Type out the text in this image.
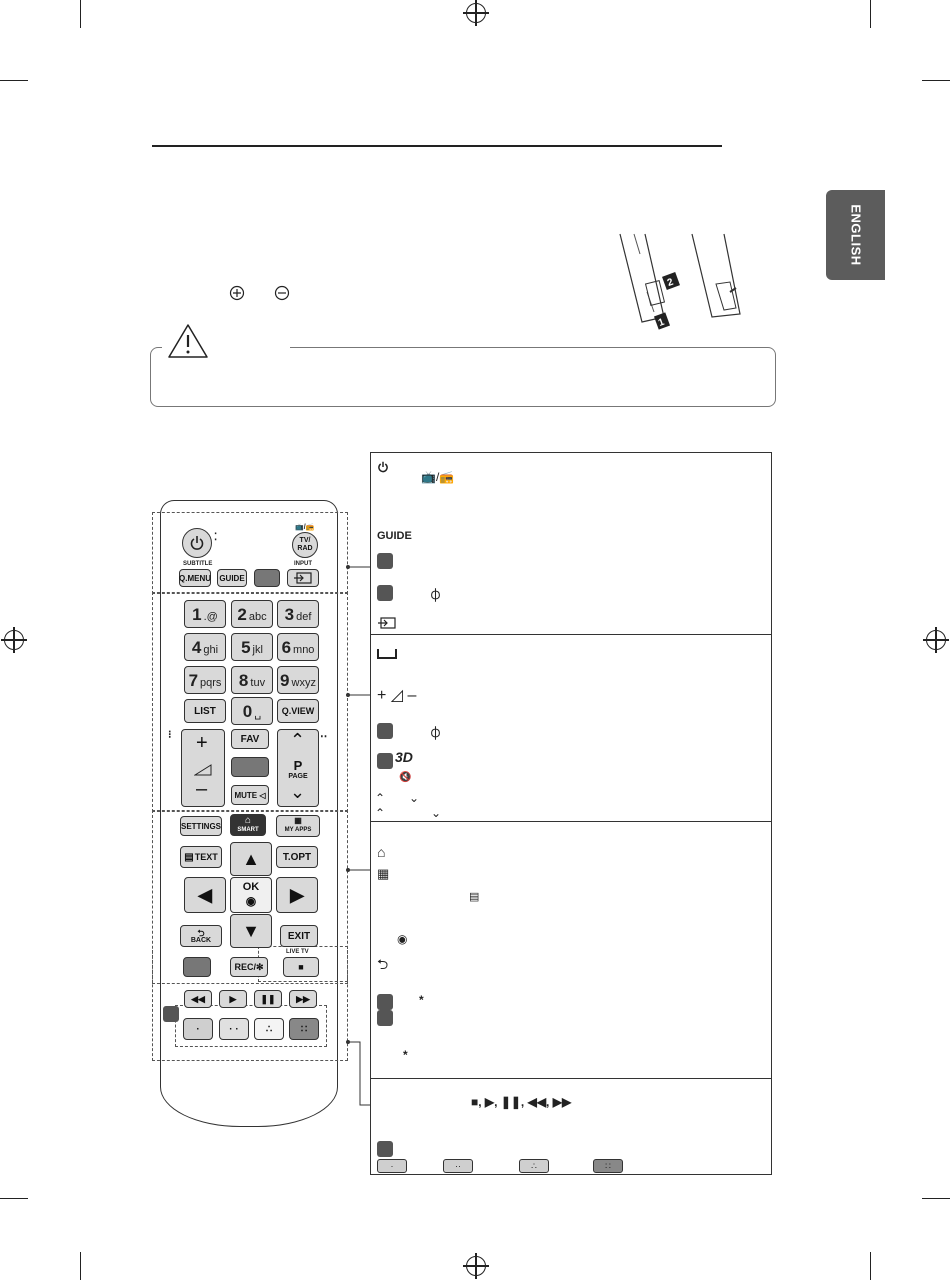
ENGLISH
2
1
⁚
📺/📻
TV/
RAD
SUBTITLE	INPUT
Q.MENU GUIDE
1 .@ 2 abc 3 def
4 ghi 5 jkl 6 mno
7 pqrs 8 tuv 9 wxyz
LIST	0 ␣	Q.VIEW
⁝	‥
+
–
FAV
MUTE ◁
⌃
P
PAGE
⌄
SETTINGS	⌂
SMART
▦
MY APPS
▤ TEXT	T.OPT
▲
◀	OK
◉	▶
⮌
BACK	▼	EXIT
REC/✻
LIVE TV
■
◀◀	▶	❚❚	▶▶
·	· ·	∴	∷
📺/📻
GUIDE
⏀
+ ◿ –
⏀
3D
🔇
⌃ ⌄
⌃	⌄
⌂
▦
▤
◉
⮌
*
*
■, ▶, ❚❚, ◀◀, ▶▶
·	··	∴	∷
